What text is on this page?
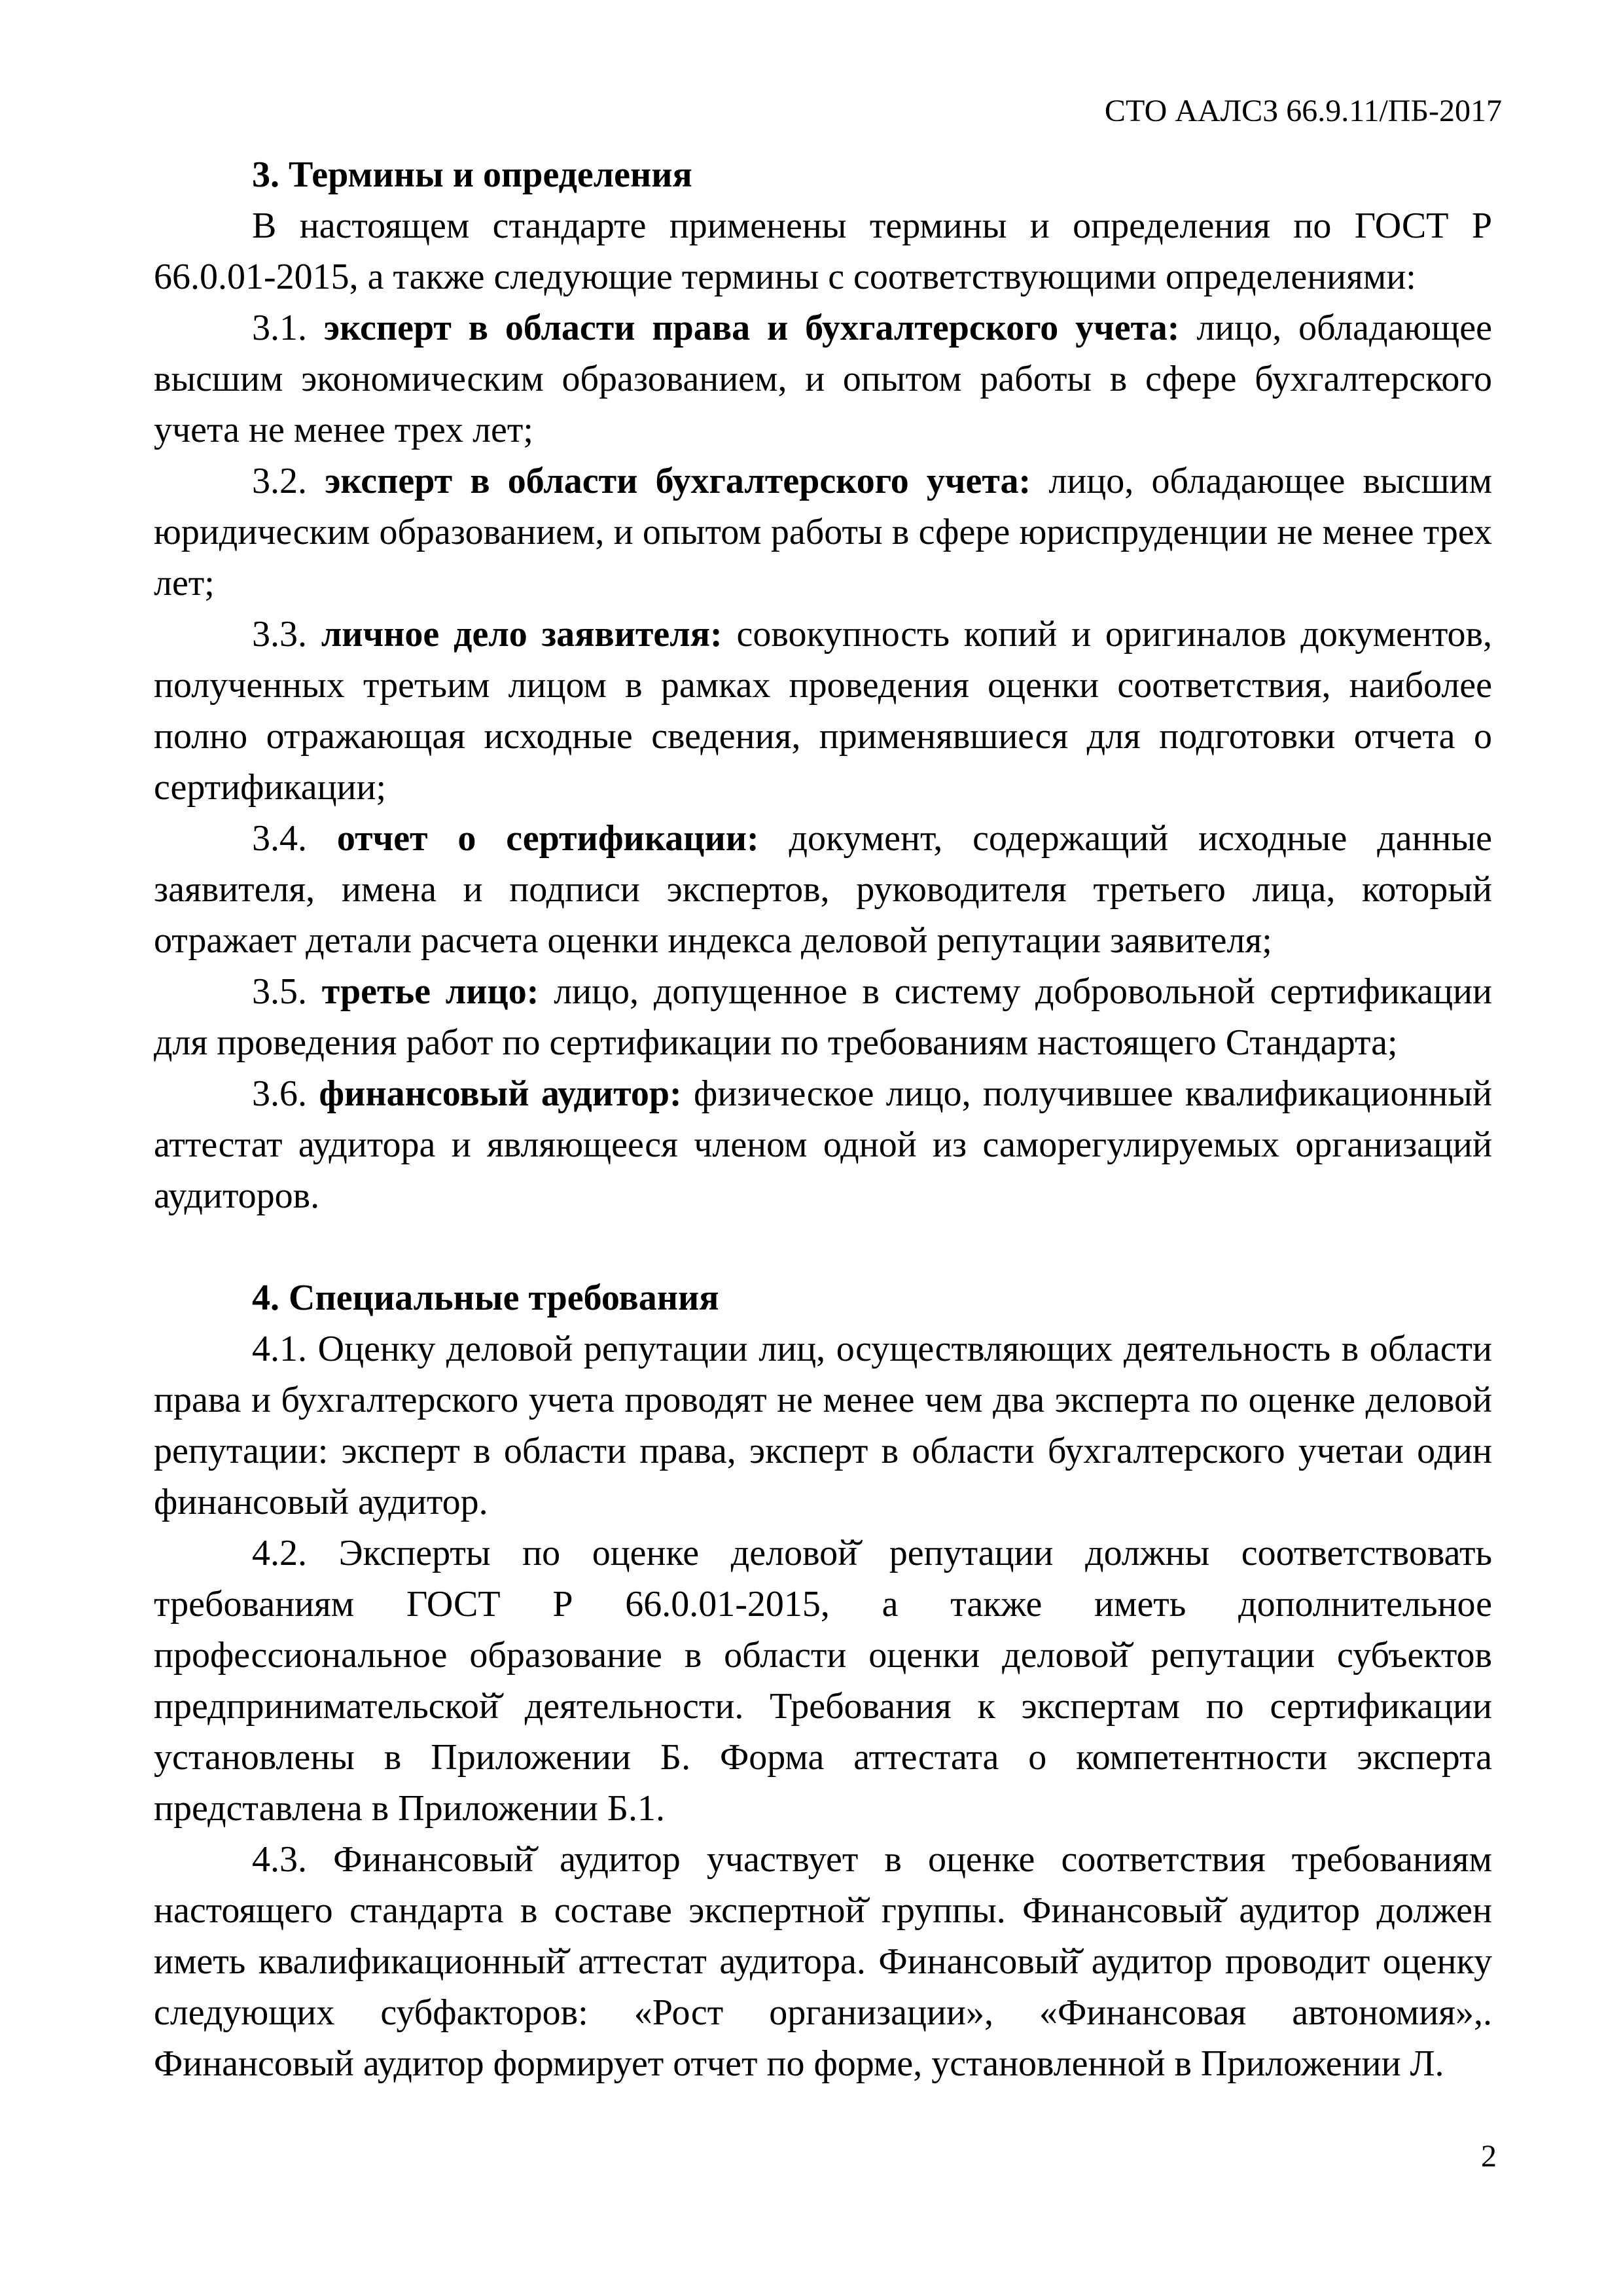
СТО ААЛСЗ 66.9.11/ПБ-2017

3. Термины и определения

В настоящем стандарте применены термины и определения по ГОСТ Р 66.0.01-2015, а также следующие термины с соответствующими определениями:

3.1. эксперт в области права и бухгалтерского учета: лицо, обладающее высшим экономическим образованием, и опытом работы в сфере бухгалтерского учета не менее трех лет;

3.2. эксперт в области бухгалтерского учета: лицо, обладающее высшим юридическим образованием, и опытом работы в сфере юриспруденции не менее трех лет;

3.3. личное дело заявителя: совокупность копий и оригиналов документов, полученных третьим лицом в рамках проведения оценки соответствия, наиболее полно отражающая исходные сведения, применявшиеся для подготовки отчета о сертификации;

3.4. отчет о сертификации: документ, содержащий исходные данные заявителя, имена и подписи экспертов, руководителя третьего лица, который отражает детали расчета оценки индекса деловой репутации заявителя;

3.5. третье лицо: лицо, допущенное в систему добровольной сертификации для проведения работ по сертификации по требованиям настоящего Стандарта;

3.6. финансовый аудитор: физическое лицо, получившее квалификационный аттестат аудитора и являющееся членом одной из саморегулируемых организаций аудиторов.

4. Специальные требования

4.1. Оценку деловой репутации лиц, осуществляющих деятельность в области права и бухгалтерского учета проводят не менее чем два эксперта по оценке деловой репутации: эксперт в области права, эксперт в области бухгалтерского учетаи один финансовый аудитор.

4.2. Эксперты по оценке деловой̆ репутации должны соответствовать требованиям ГОСТ Р 66.0.01-2015, а также иметь дополнительное профессиональное образование в области оценки деловой̆ репутации субъектов предпринимательской̆ деятельности. Требования к экспертам по сертификации установлены в Приложении Б. Форма аттестата о компетентности эксперта представлена в Приложении Б.1.

4.3. Финансовый̆ аудитор участвует в оценке соответствия требованиям настоящего стандарта в составе экспертной̆ группы. Финансовый̆ аудитор должен иметь квалификационный̆ аттестат аудитора. Финансовый̆ аудитор проводит оценку следующих субфакторов: «Рост организации», «Финансовая автономия»,. Финансовый аудитор формирует отчет по форме, установленной в Приложении Л.

2
